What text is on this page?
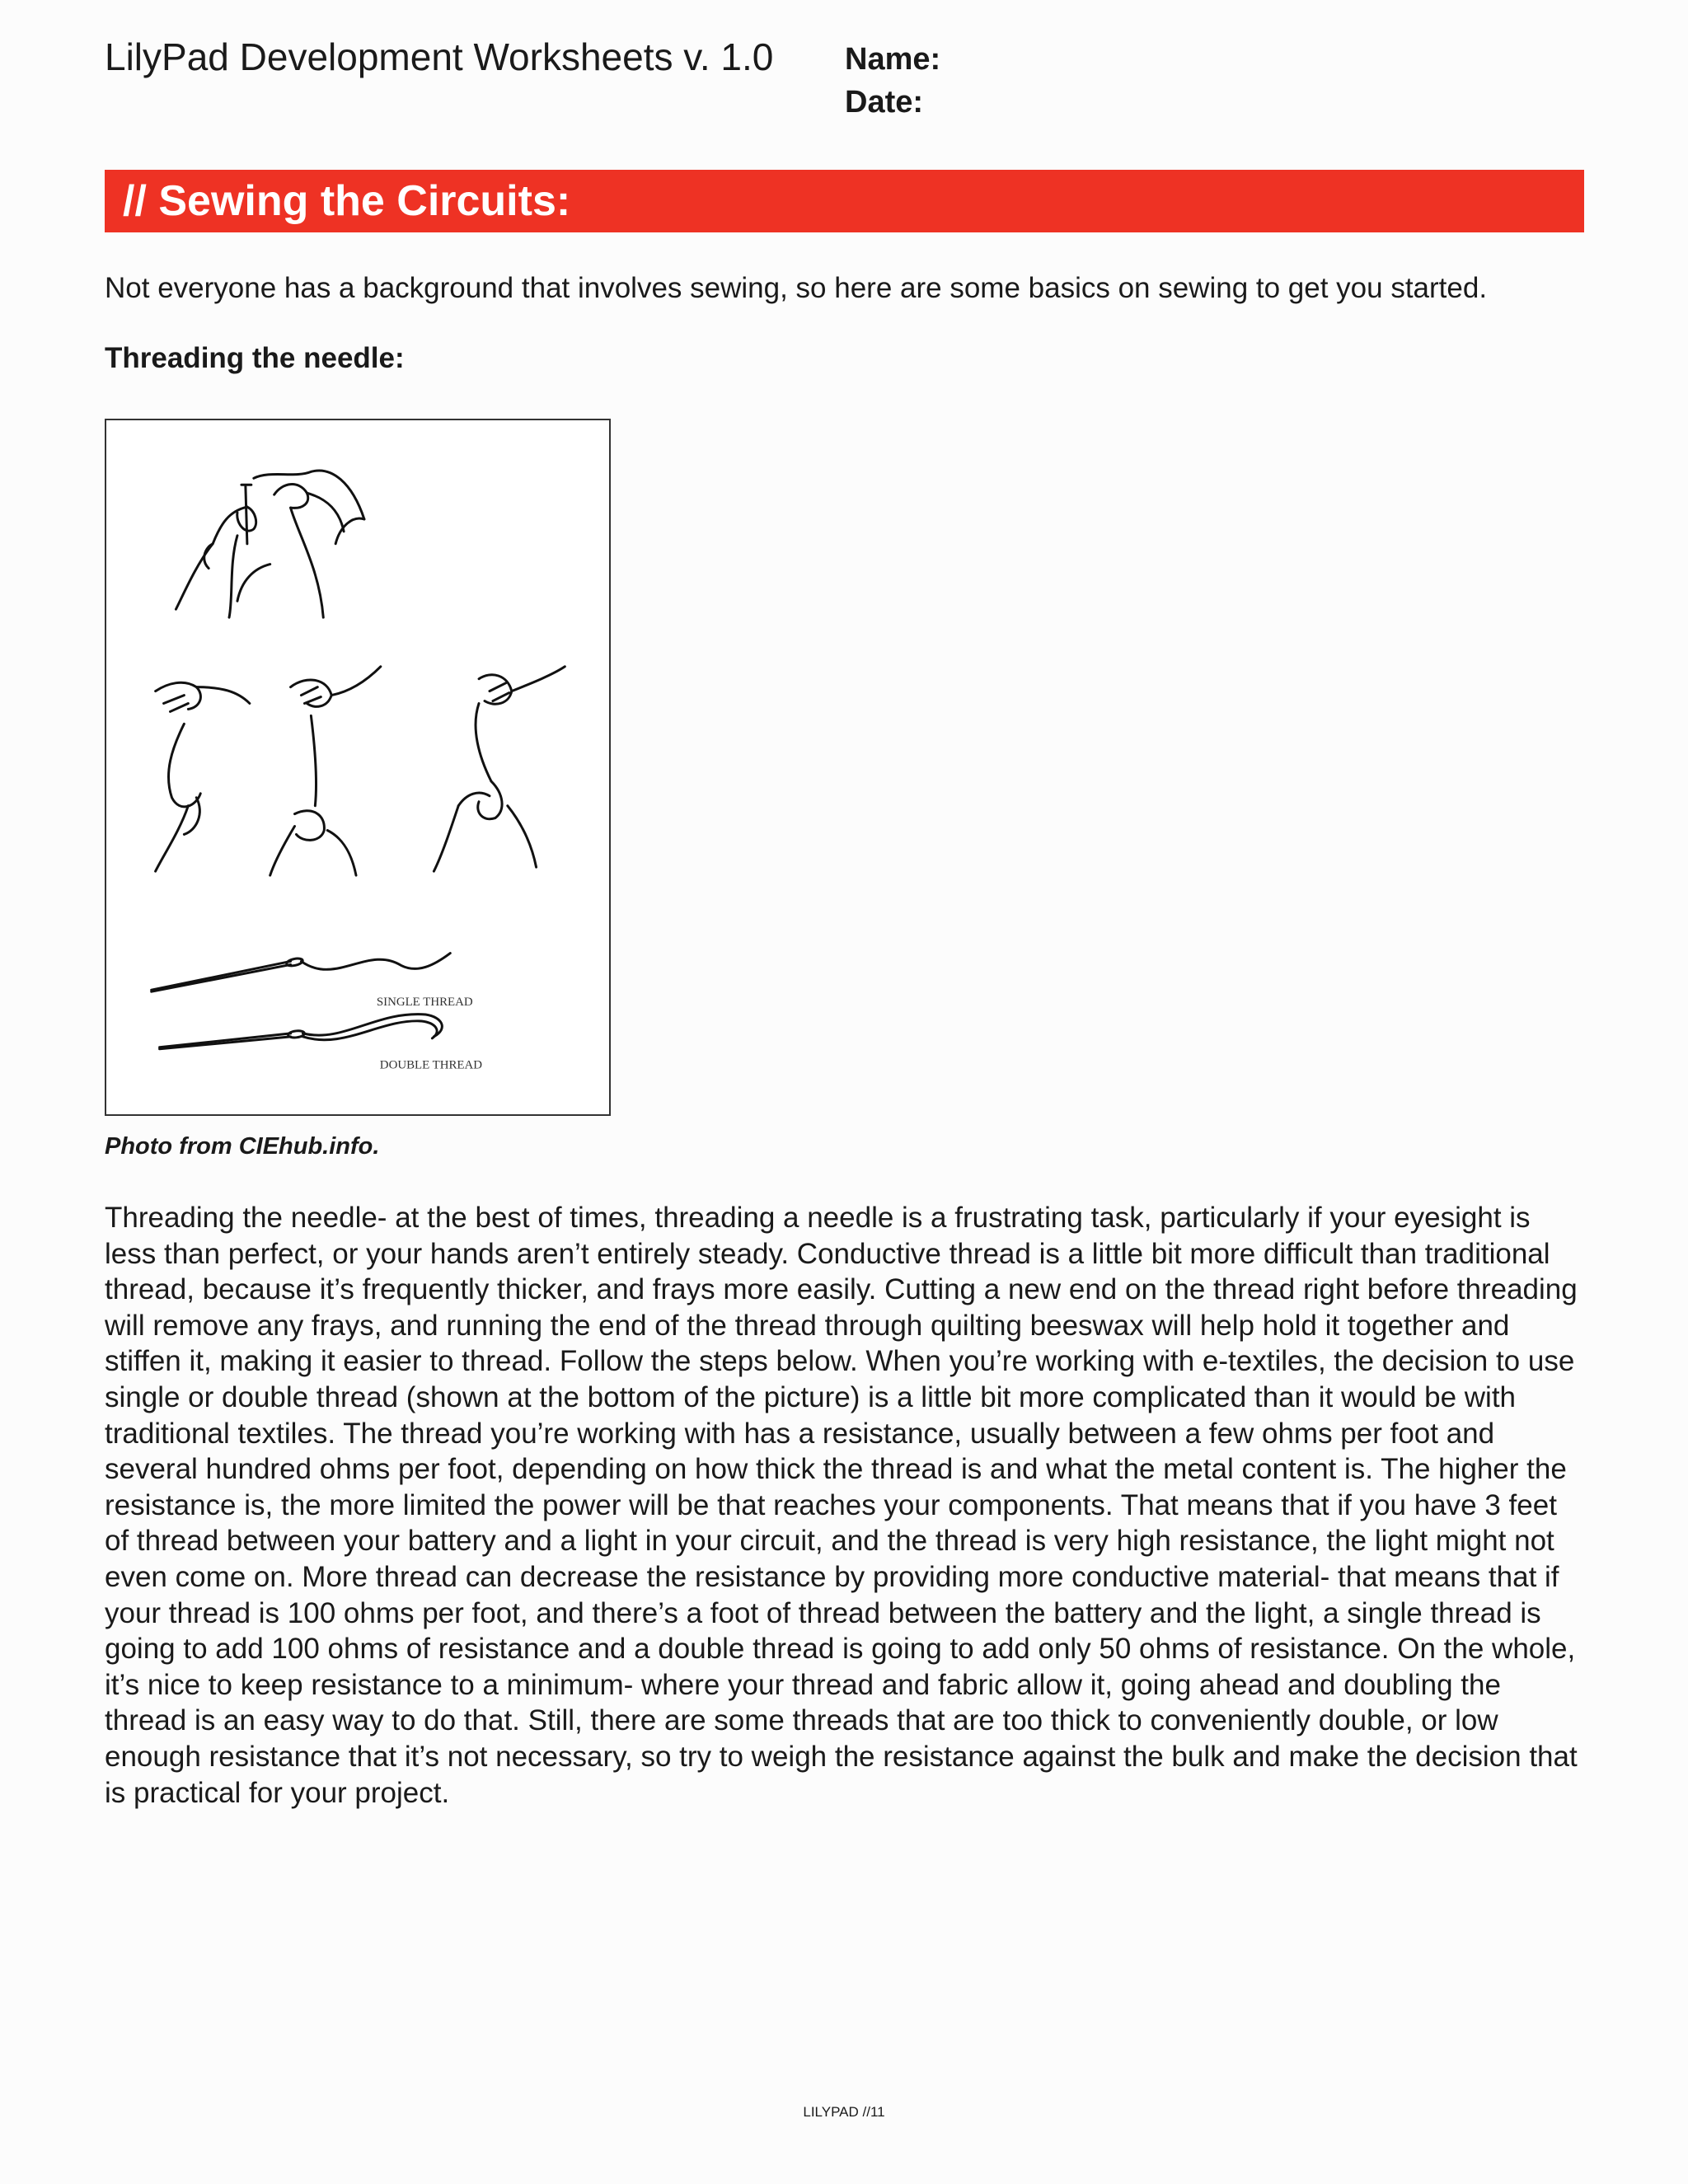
LilyPad Development Worksheets v. 1.0 Name:
Date:
// Sewing the Circuits:

Not everyone has a background that involves sewing, so here are some basics on sewing to get you started.

Threading the needle:

SINGLE THREAD
DOUBLE THREAD

Photo from CIEhub.info.

Threading the needle- at the best of times, threading a needle is a frustrating task, particularly if your eyesight is less than perfect, or your hands aren’t entirely steady. Conductive thread is a little bit more difficult than traditional thread, because it’s frequently thicker, and frays more easily. Cutting a new end on the thread right before threading will remove any frays, and running the end of the thread through quilting beeswax will help hold it together and stiffen it, making it easier to thread. Follow the steps below. When you’re working with e-textiles, the decision to use single or double thread (shown at the bottom of the picture) is a little bit more complicated than it would be with traditional textiles. The thread you’re working with has a resistance, usually between a few ohms per foot and several hundred ohms per foot, depending on how thick the thread is and what the metal content is. The higher the resistance is, the more limited the power will be that reaches your components. That means that if you have 3 feet of thread between your battery and a light in your circuit, and the thread is very high resistance, the light might not even come on. More thread can decrease the resistance by providing more conductive material- that means that if your thread is 100 ohms per foot, and there’s a foot of thread between the battery and the light, a single thread is going to add 100 ohms of resistance and a double thread is going to add only 50 ohms of resistance. On the whole, it’s nice to keep resistance to a minimum- where your thread and fabric allow it, going ahead and doubling the thread is an easy way to do that. Still, there are some threads that are too thick to conveniently double, or low enough resistance that it’s not necessary, so try to weigh the resistance against the bulk and make the decision that is practical for your project.

LILYPAD //11
